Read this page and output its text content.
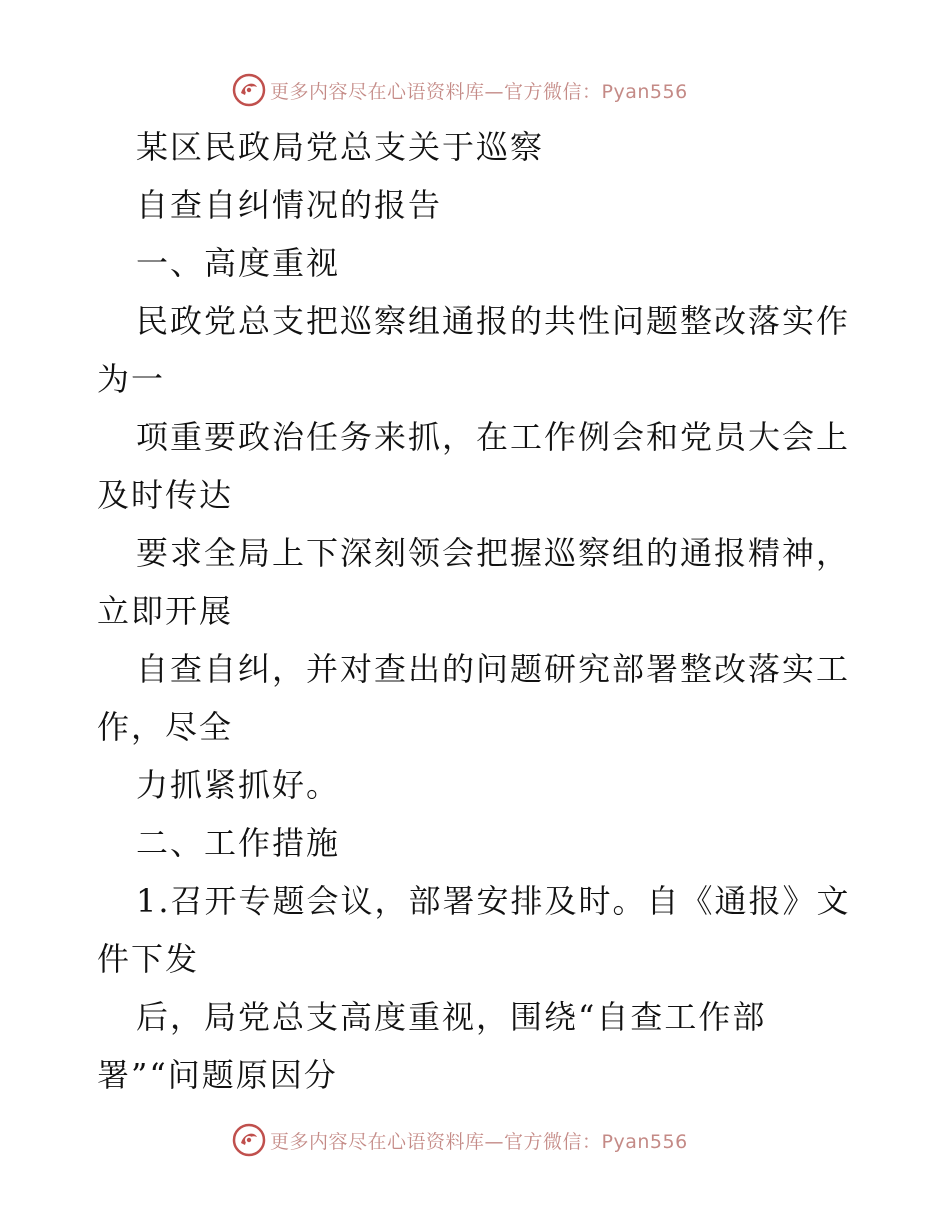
更多内容尽在心语资料库—官方微信：Pyan556
某区民政局党总支关于巡察
自查自纠情况的报告
一、高度重视
民政党总支把巡察组通报的共性问题整改落实作
为一
项重要政治任务来抓，在工作例会和党员大会上
及时传达
要求全局上下深刻领会把握巡察组的通报精神，
立即开展
自查自纠，并对查出的问题研究部署整改落实工
作，尽全
力抓紧抓好。
二、工作措施
1.召开专题会议，部署安排及时。自《通报》文
件下发
后，局党总支高度重视，围绕“自查工作部
署”“问题原因分
更多内容尽在心语资料库—官方微信：Pyan556
